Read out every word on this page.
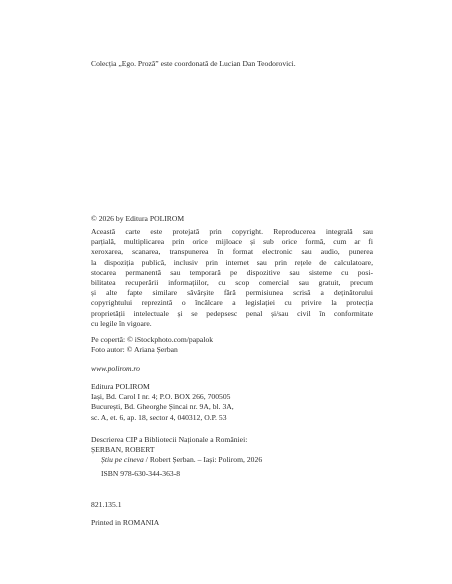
Colecția „Ego. Proză” este coordonată de Lucian Dan Teodorovici.
© 2026 by Editura POLIROM
Această carte este protejată prin copyright. Reproducerea integrală sau
parțială, multiplicarea prin orice mijloace și sub orice formă, cum ar fi
xeroxarea, scanarea, transpunerea în format electronic sau audio, punerea
la dispoziția publică, inclusiv prin internet sau prin rețele de calculatoare,
stocarea permanentă sau temporară pe dispozitive sau sisteme cu posi-
bilitatea recuperării informațiilor, cu scop comercial sau gratuit, precum
și alte fapte similare săvârșite fără permisiunea scrisă a deținătorului
copyrightului reprezintă o încălcare a legislației cu privire la protecția
proprietății intelectuale și se pedepsesc penal și/sau civil în conformitate
cu legile în vigoare.
Pe copertă: © iStockphoto.com/papalok
Foto autor: © Ariana Șerban
www.polirom.ro
Editura POLIROM
Iași, Bd. Carol I nr. 4; P.O. BOX 266, 700505
București, Bd. Gheorghe Șincai nr. 9A, bl. 3A,
sc. A, et. 6, ap. 18, sector 4, 040312, O.P. 53
Descrierea CIP a Bibliotecii Naționale a României:
ȘERBAN, ROBERT
Știu pe cineva / Robert Șerban. – Iași: Polirom, 2026
ISBN 978-630-344-363-8
821.135.1
Printed in ROMANIA
